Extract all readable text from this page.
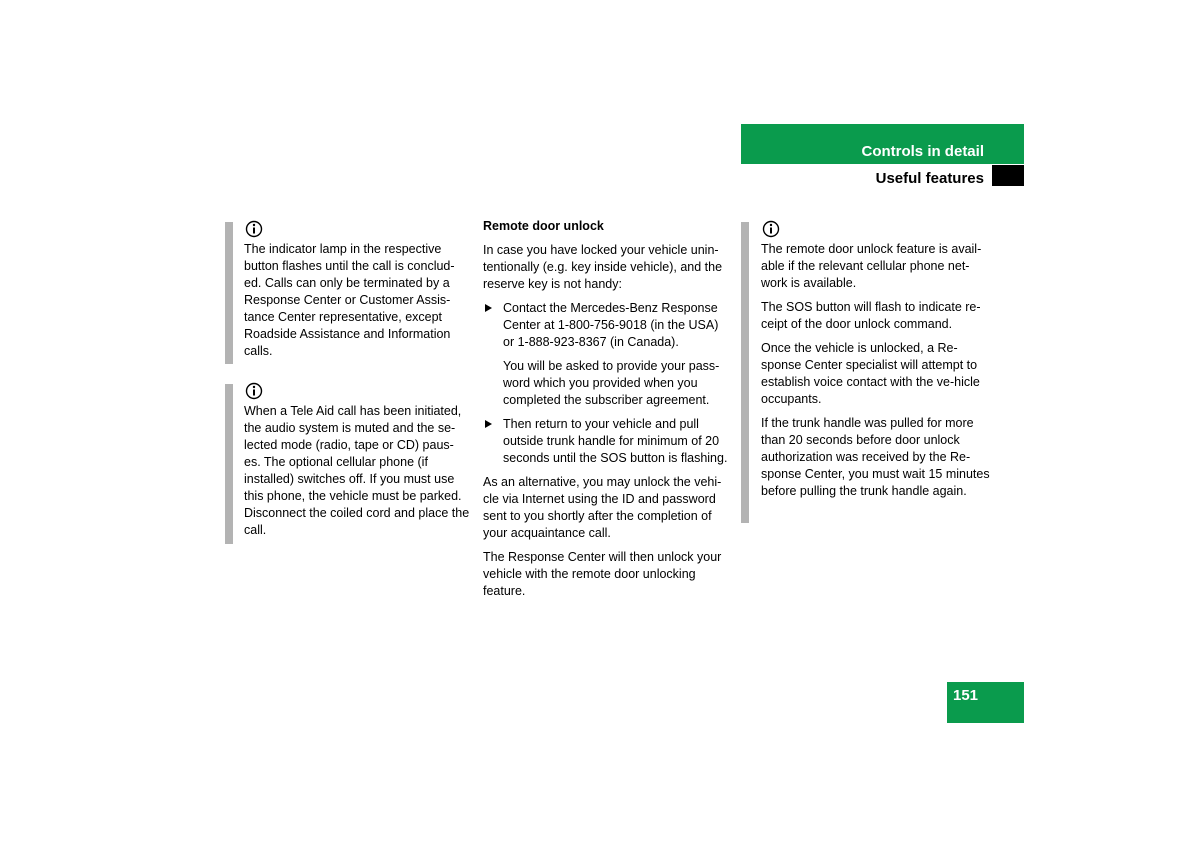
Controls in detail
Useful features

The indicator lamp in the respective button flashes until the call is conclud-ed. Calls can only be terminated by a Response Center or Customer Assis-tance Center representative, except Roadside Assistance and Information calls.

When a Tele Aid call has been initiated, the audio system is muted and the se-lected mode (radio, tape or CD) paus-es. The optional cellular phone (if installed) switches off. If you must use this phone, the vehicle must be parked. Disconnect the coiled cord and place the call.

Remote door unlock

In case you have locked your vehicle unin-tentionally (e.g. key inside vehicle), and the reserve key is not handy:

Contact the Mercedes-Benz Response Center at 1-800-756-9018 (in the USA) or 1-888-923-8367 (in Canada).

You will be asked to provide your pass-word which you provided when you completed the subscriber agreement.

Then return to your vehicle and pull outside trunk handle for minimum of 20 seconds until the SOS button is flashing.

As an alternative, you may unlock the vehi-cle via Internet using the ID and password sent to you shortly after the completion of your acquaintance call.

The Response Center will then unlock your vehicle with the remote door unlocking feature.

The remote door unlock feature is avail-able if the relevant cellular phone net-work is available.

The SOS button will flash to indicate re-ceipt of the door unlock command.

Once the vehicle is unlocked, a Re-sponse Center specialist will attempt to establish voice contact with the ve-hicle occupants.

If the trunk handle was pulled for more than 20 seconds before door unlock authorization was received by the Re-sponse Center, you must wait 15 minutes before pulling the trunk handle again.

151
